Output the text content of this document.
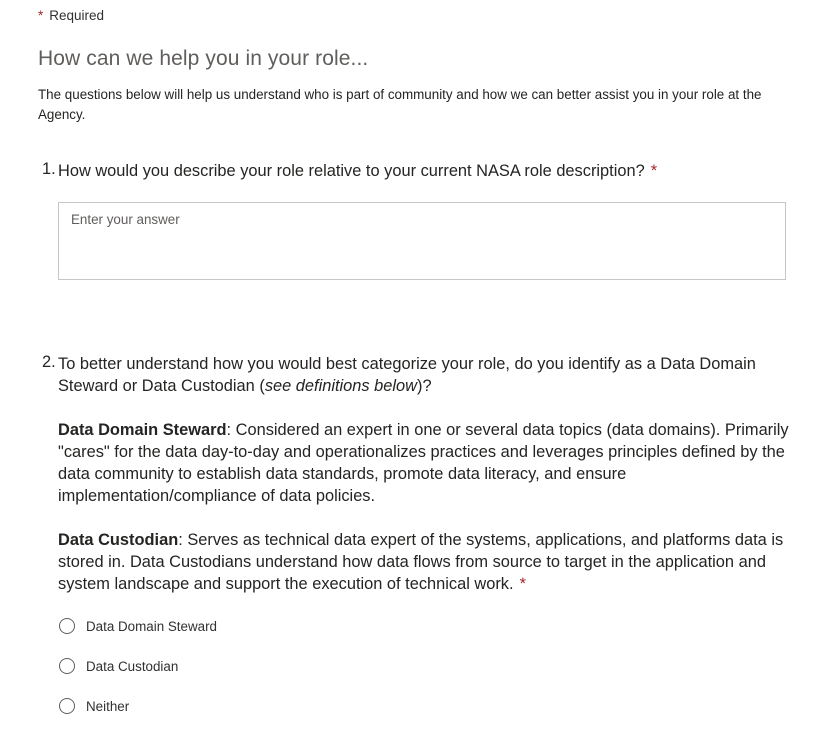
* Required
How can we help you in your role...
The questions below will help us understand who is part of community and how we can better assist you in your role at the Agency.
1. How would you describe your role relative to your current NASA role description? *
Enter your answer
2. To better understand how you would best categorize your role, do you identify as a Data Domain Steward or Data Custodian (see definitions below)?

Data Domain Steward: Considered an expert in one or several data topics (data domains). Primarily "cares" for the data day-to-day and operationalizes practices and leverages principles defined by the data community to establish data standards, promote data literacy, and ensure implementation/compliance of data policies.

Data Custodian: Serves as technical data expert of the systems, applications, and platforms data is stored in. Data Custodians understand how data flows from source to target in the application and system landscape and support the execution of technical work. *

Data Domain Steward
Data Custodian
Neither
